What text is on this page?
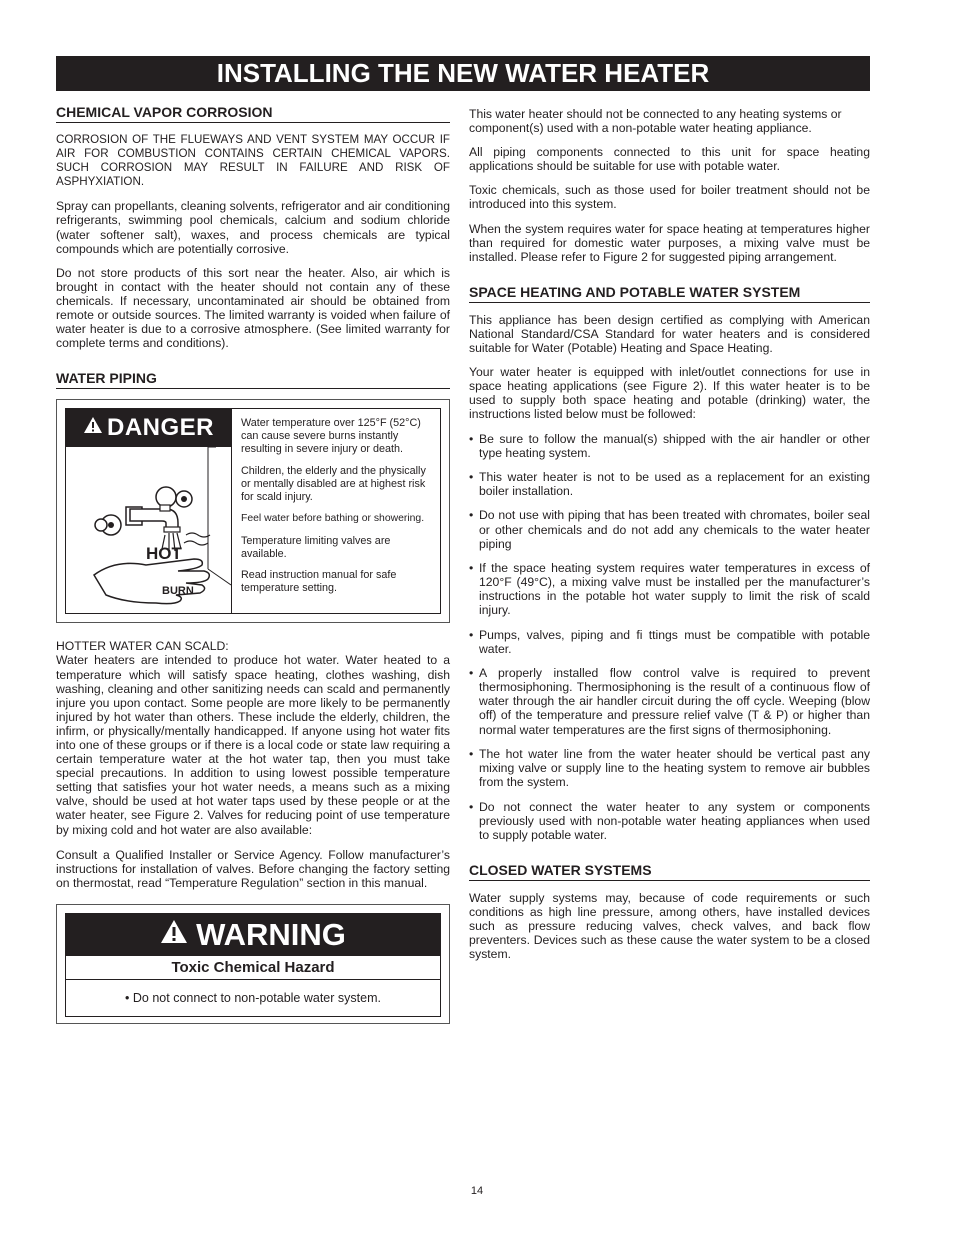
INSTALLING THE NEW WATER HEATER
CHEMICAL VAPOR CORROSION

CORROSION OF THE FLUEWAYS AND VENT SYSTEM MAY OCCUR IF AIR FOR COMBUSTION CONTAINS CERTAIN CHEMICAL VAPORS. SUCH CORROSION MAY RESULT IN FAILURE AND RISK OF ASPHYXIATION.

Spray can propellants, cleaning solvents, refrigerator and air conditioning refrigerants, swimming pool chemicals, calcium and sodium chloride (water softener salt), waxes, and process chemicals are typical compounds which are potentially corrosive.

Do not store products of this sort near the heater. Also, air which is brought in contact with the heater should not contain any of these chemicals. If necessary, uncontaminated air should be obtained from remote or outside sources. The limited warranty is voided when failure of water heater is due to a corrosive atmosphere. (See limited warranty for complete terms and conditions).

WATER PIPING
DANGER
HOT
BURN

Water temperature over 125°F (52°C) can cause severe burns instantly resulting in severe injury or death.

Children, the elderly and the physically or mentally disabled are at highest risk for scald injury.

Feel water before bathing or showering.

Temperature limiting valves are available.

Read instruction manual for safe temperature setting.

HOTTER WATER CAN SCALD:

Water heaters are intended to produce hot water. Water heated to a temperature which will satisfy space heating, clothes washing, dish washing, cleaning and other sanitizing needs can scald and permanently injure you upon contact. Some people are more likely to be permanently injured by hot water than others. These include the elderly, children, the infirm, or physically/mentally handicapped. If anyone using hot water fits into one of these groups or if there is a local code or state law requiring a certain temperature water at the hot water tap, then you must take special precautions. In addition to using lowest possible temperature setting that satisfies your hot water needs, a means such as a mixing valve, should be used at hot water taps used by these people or at the water heater, see Figure 2. Valves for reducing point of use temperature by mixing cold and hot water are also available:

Consult a Qualified Installer or Service Agency. Follow manufacturer’s instructions for installation of valves. Before changing the factory setting on thermostat, read “Temperature Regulation” section in this manual.

WARNING
Toxic Chemical Hazard
• Do not connect to non-potable water system.

This water heater should not be connected to any heating systems or component(s) used with a non-potable water heating appliance.

All piping components connected to this unit for space heating applications should be suitable for use with potable water.

Toxic chemicals, such as those used for boiler treatment should not be introduced into this system.

When the system requires water for space heating at temperatures higher than required for domestic water purposes, a mixing valve must be installed. Please refer to Figure 2 for suggested piping arrangement.

SPACE HEATING AND POTABLE WATER SYSTEM

This appliance has been design certified as complying with American National Standard/CSA Standard for water heaters and is considered suitable for Water (Potable) Heating and Space Heating.

Your water heater is equipped with inlet/outlet connections for use in space heating applications (see Figure 2). If this water heater is to be used to supply both space heating and potable (drinking) water, the instructions listed below must be followed:

• Be sure to follow the manual(s) shipped with the air handler or other type heating system.
• This water heater is not to be used as a replacement for an existing boiler installation.
• Do not use with piping that has been treated with chromates, boiler seal or other chemicals and do not add any chemicals to the water heater piping
• If the space heating system requires water temperatures in excess of 120°F (49°C), a mixing valve must be installed per the manufacturer’s instructions in the potable hot water supply to limit the risk of scald injury.
• Pumps, valves, piping and fi ttings must be compatible with potable water.
• A properly installed flow control valve is required to prevent thermosiphoning. Thermosiphoning is the result of a continuous flow of water through the air handler circuit during the off cycle. Weeping (blow off) of the temperature and pressure relief valve (T & P) or higher than normal water temperatures are the first signs of thermosiphoning.
• The hot water line from the water heater should be vertical past any mixing valve or supply line to the heating system to remove air bubbles from the system.
• Do not connect the water heater to any system or components previously used with non-potable water heating appliances when used to supply potable water.
CLOSED WATER SYSTEMS

Water supply systems may, because of code requirements or such conditions as high line pressure, among others, have installed devices such as pressure reducing valves, check valves, and back flow preventers. Devices such as these cause the water system to be a closed system.

14
